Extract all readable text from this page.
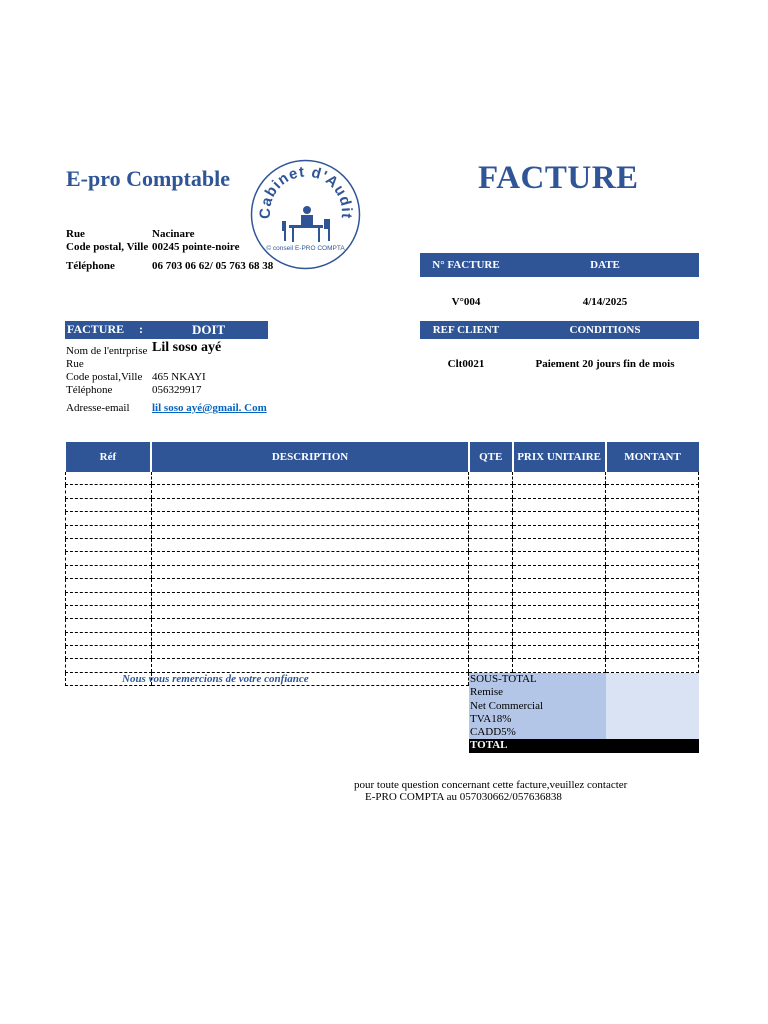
E-pro Comptable	FACTURE
Cabinet d'Audit
© conseil E-PRO COMPTA
Rue	Nacinare
Code postal, Ville 00245 pointe-noire
Téléphone	06 703 06 62/ 05 763 68 38	N° FACTURE	DATE
V°004	4/14/2025
REF CLIENT	CONDITIONS
Clt0021	Paiement 20 jours fin de mois
FACTURE :	DOIT
Nom de l'entrprise Lil soso ayé
Rue
Code postal,Ville 465 NKAYI
Téléphone	056329917
Adresse-email lil soso ayé@gmail. Com
Réf	DESCRIPTION	QTE	PRIX UNITAIRE	MONTANT

Nous vous remercions de votre confiance	SOUS-TOTAL
Remise
Net Commercial
TVA18%
CADD5%
TOTAL
pour toute question concernant cette facture,veuillez contacter
E-PRO COMPTA au 057030662/057636838
